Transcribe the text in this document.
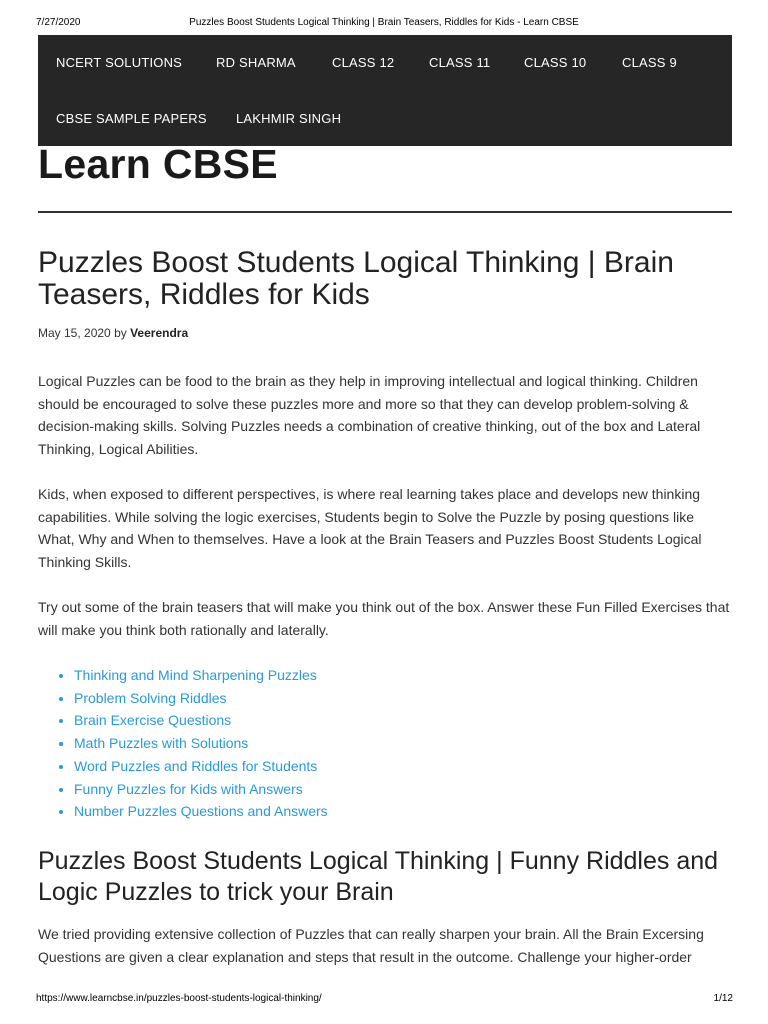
7/27/2020	Puzzles Boost Students Logical Thinking | Brain Teasers, Riddles for Kids - Learn CBSE
NCERT SOLUTIONS	RD SHARMA	CLASS 12	CLASS 11	CLASS 10	CLASS 9
CBSE SAMPLE PAPERS LAKHMIR SINGH
Learn CBSE
Puzzles Boost Students Logical Thinking | Brain Teasers, Riddles for Kids
May 15, 2020 by Veerendra

Logical Puzzles can be food to the brain as they help in improving intellectual and logical thinking. Children should be encouraged to solve these puzzles more and more so that they can develop problem-solving & decision-making skills. Solving Puzzles needs a combination of creative thinking, out of the box and Lateral Thinking, Logical Abilities.

Kids, when exposed to different perspectives, is where real learning takes place and develops new thinking capabilities. While solving the logic exercises, Students begin to Solve the Puzzle by posing questions like What, Why and When to themselves. Have a look at the Brain Teasers and Puzzles Boost Students Logical Thinking Skills.

Try out some of the brain teasers that will make you think out of the box. Answer these Fun Filled Exercises that will make you think both rationally and laterally.

• Thinking and Mind Sharpening Puzzles
• Problem Solving Riddles
• Brain Exercise Questions
• Math Puzzles with Solutions
• Word Puzzles and Riddles for Students
• Funny Puzzles for Kids with Answers
• Number Puzzles Questions and Answers
Puzzles Boost Students Logical Thinking | Funny Riddles and Logic Puzzles to trick your Brain

We tried providing extensive collection of Puzzles that can really sharpen your brain. All the Brain Excersing Questions are given a clear explanation and steps that result in the outcome. Challenge your higher-order

https://www.learncbse.in/puzzles-boost-students-logical-thinking/	1/12
